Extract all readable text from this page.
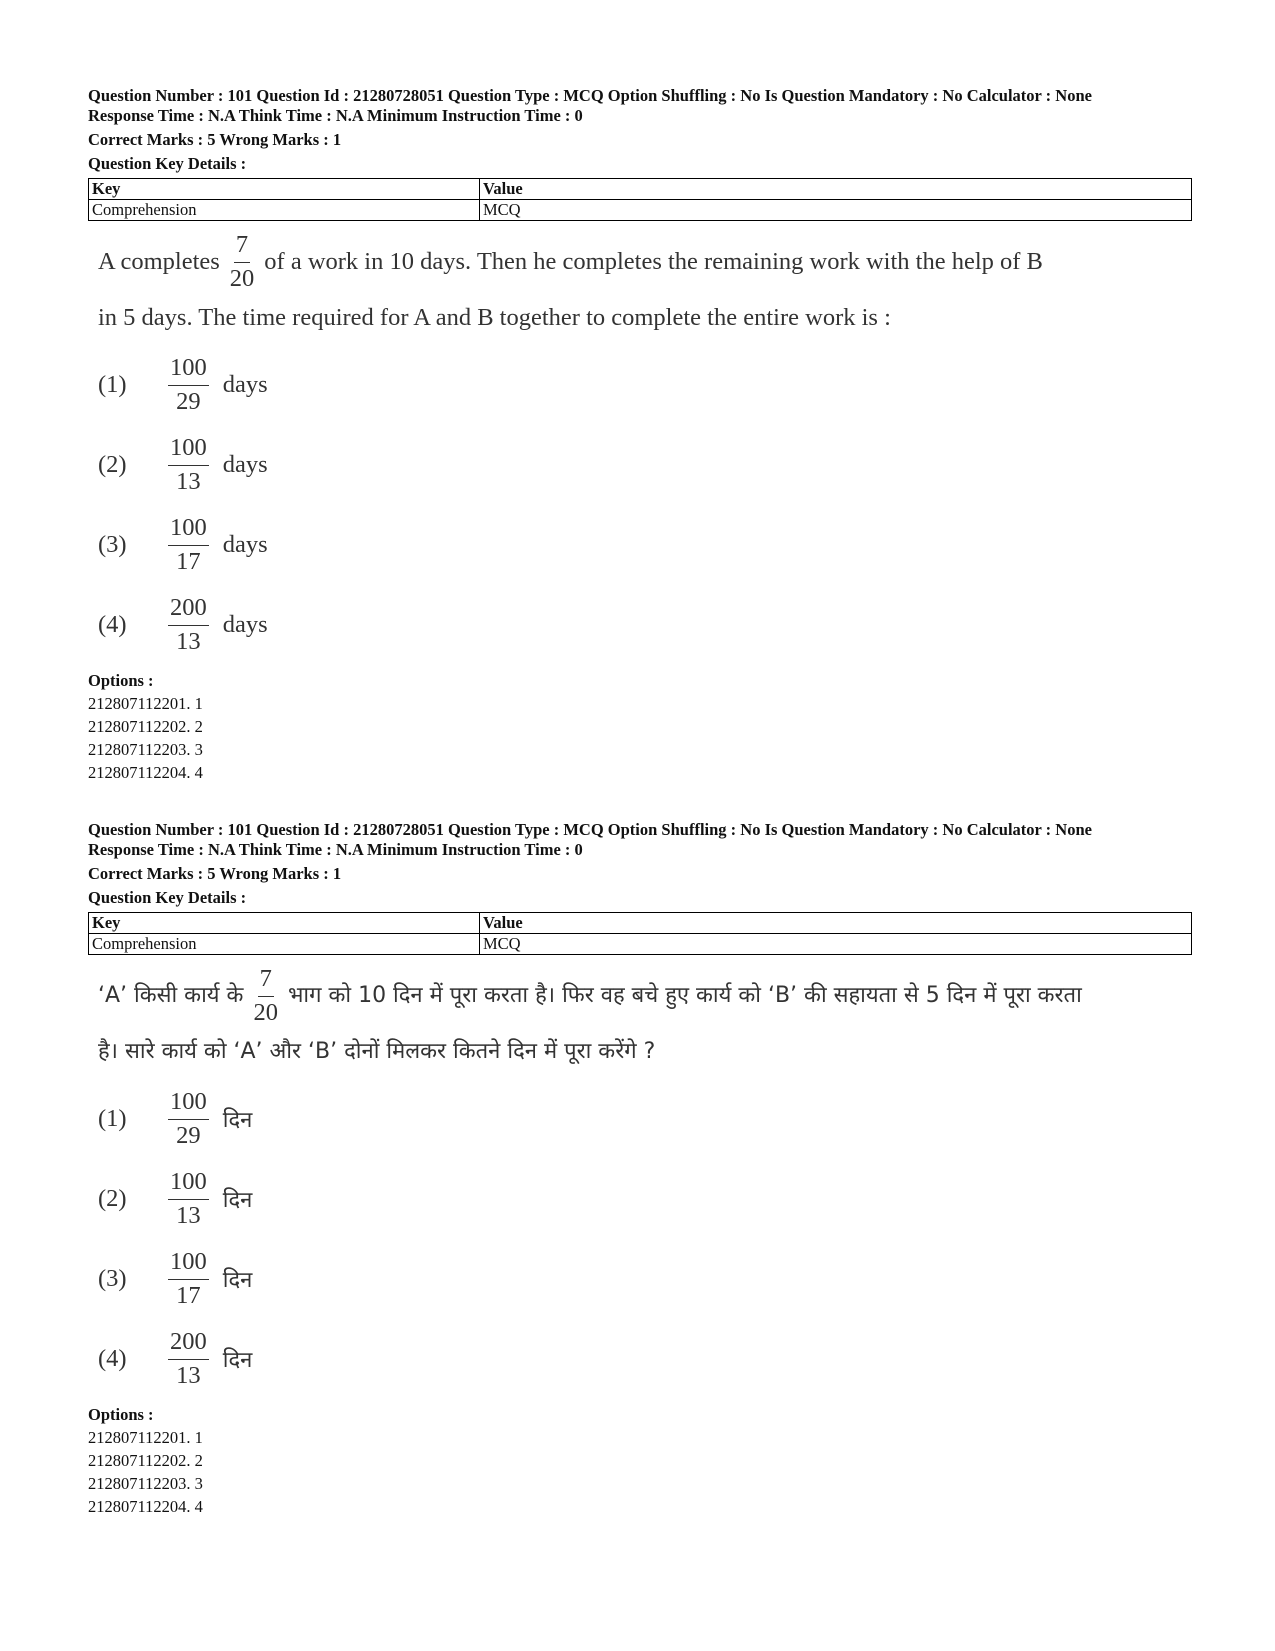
Question Number : 101 Question Id : 21280728051 Question Type : MCQ Option Shuffling : No Is Question Mandatory : No Calculator : None
Response Time : N.A Think Time : N.A Minimum Instruction Time : 0
Correct Marks : 5 Wrong Marks : 1
Question Key Details :
Key	Value
Comprehension	MCQ
A completes $\frac{7}{20}$ of a work in 10 days. Then he completes the remaining work with the help of B
in 5 days. The time required for A and B together to complete the entire work is :
(1)	$\frac{100}{29}$ days
(2)	$\frac{100}{13}$ days
(3)	$\frac{100}{17}$ days
(4)	$\frac{200}{13}$ days
Options :
212807112201. 1
212807112202. 2
212807112203. 3
212807112204. 4
Question Number : 101 Question Id : 21280728051 Question Type : MCQ Option Shuffling : No Is Question Mandatory : No Calculator : None
Response Time : N.A Think Time : N.A Minimum Instruction Time : 0
Correct Marks : 5 Wrong Marks : 1
Question Key Details :
Key	Value
Comprehension	MCQ
‘A’ किसी कार्य के $\frac{7}{20}$ भाग को 10 दिन में पूरा करता है। फिर वह बचे हुए कार्य को ‘B’ की सहायता से 5 दिन में पूरा करता
है। सारे कार्य को ‘A’ और ‘B’ दोनों मिलकर कितने दिन में पूरा करेंगे ?
(1)	$\frac{100}{29}$ दिन
(2)	$\frac{100}{13}$ दिन
(3)	$\frac{100}{17}$ दिन
(4)	$\frac{200}{13}$ दिन
Options :
212807112201. 1
212807112202. 2
212807112203. 3
212807112204. 4
